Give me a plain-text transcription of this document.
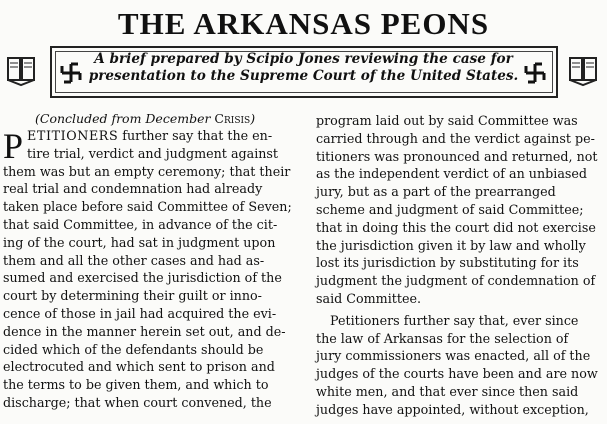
THE ARKANSAS PEONS
A brief prepared by Scipio Jones reviewing the case for
presentation to the Supreme Court of the United States.
(Concluded from December Crisis)
P ETITIONERS further say that the en-
tire trial, verdict and judgment against
them was but an empty ceremony; that their
real trial and condemnation had already
taken place before said Committee of Seven;
that said Committee, in advance of the cit-
ing of the court, had sat in judgment upon
them and all the other cases and had as-
sumed and exercised the jurisdiction of the
court by determining their guilt or inno-
cence of those in jail had acquired the evi-
dence in the manner herein set out, and de-
cided which of the defendants should be
electrocuted and which sent to prison and
the terms to be given them, and which to
discharge; that when court convened, the
program laid out by said Committee was
carried through and the verdict against pe-
titioners was pronounced and returned, not
as the independent verdict of an unbiased
jury, but as a part of the prearranged
scheme and judgment of said Committee;
that in doing this the court did not exercise
the jurisdiction given it by law and wholly
lost its jurisdiction by substituting for its
judgment the judgment of condemnation of
said Committee.
Petitioners further say that, ever since
the law of Arkansas for the selection of
jury commissioners was enacted, all of the
judges of the courts have been and are now
white men, and that ever since then said
judges have appointed, without exception,
